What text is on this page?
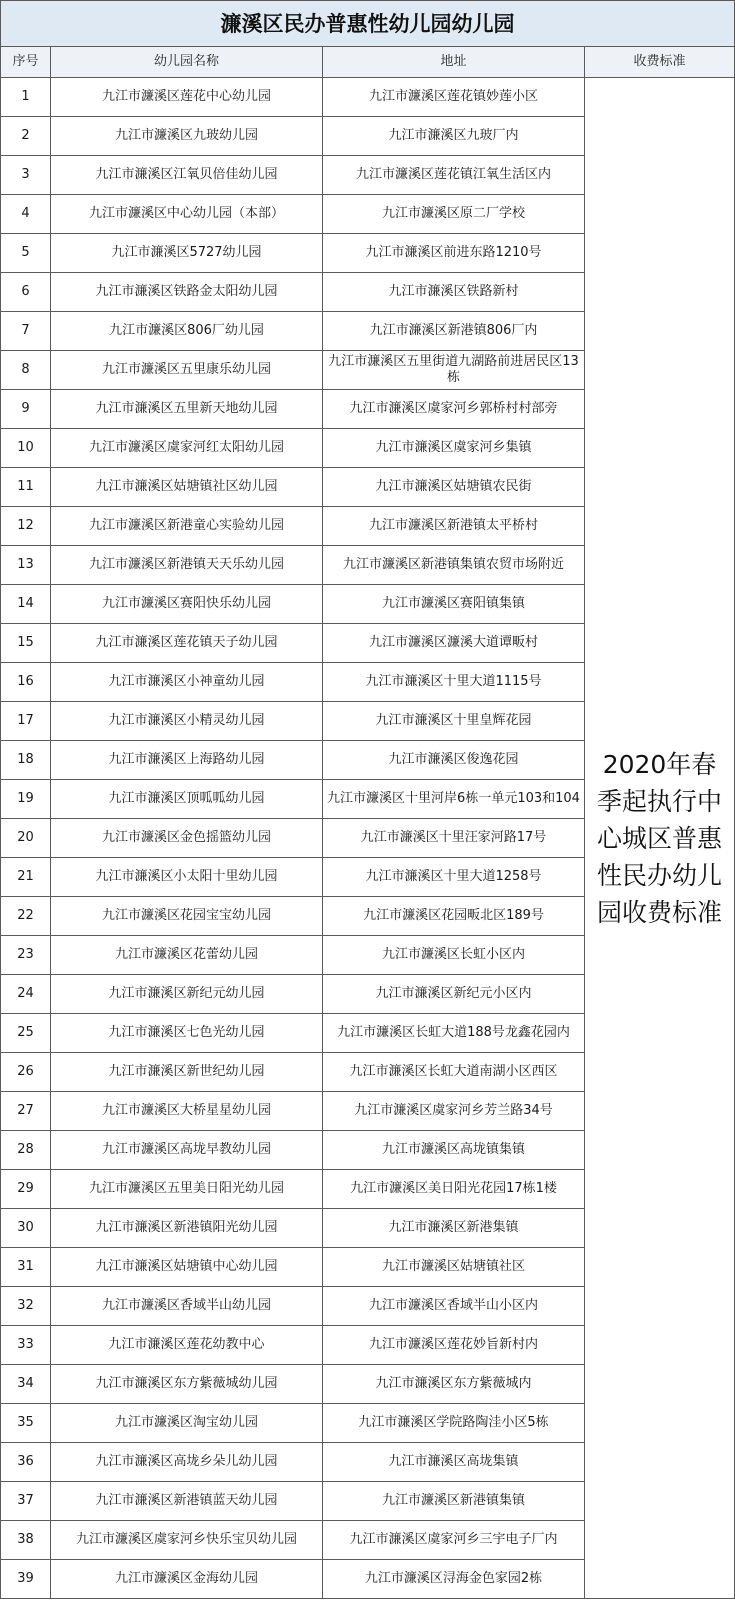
濂溪区民办普惠性幼儿园幼儿园			
序号	幼儿园名称	地址	收费标准
1	九江市濂溪区莲花中心幼儿园	九江市濂溪区莲花镇妙莲小区	2020年春季起执行中心城区普惠性民办幼儿园收费标准
2	九江市濂溪区九玻幼儿园	九江市濂溪区九玻厂内	
3	九江市濂溪区江氧贝倍佳幼儿园	九江市濂溪区莲花镇江氧生活区内	
4	九江市濂溪区中心幼儿园（本部）	九江市濂溪区原二厂学校	
5	九江市濂溪区5727幼儿园	九江市濂溪区前进东路1210号	
6	九江市濂溪区铁路金太阳幼儿园	九江市濂溪区铁路新村	
7	九江市濂溪区806厂幼儿园	九江市濂溪区新港镇806厂内	
8	九江市濂溪区五里康乐幼儿园	九江市濂溪区五里街道九湖路前进居民区13栋	
9	九江市濂溪区五里新天地幼儿园	九江市濂溪区虞家河乡郭桥村村部旁	
10	九江市濂溪区虞家河红太阳幼儿园	九江市濂溪区虞家河乡集镇	
11	九江市濂溪区姑塘镇社区幼儿园	九江市濂溪区姑塘镇农民街	
12	九江市濂溪区新港童心实验幼儿园	九江市濂溪区新港镇太平桥村	
13	九江市濂溪区新港镇天天乐幼儿园	九江市濂溪区新港镇集镇农贸市场附近	
14	九江市濂溪区赛阳快乐幼儿园	九江市濂溪区赛阳镇集镇	
15	九江市濂溪区莲花镇天子幼儿园	九江市濂溪区濂溪大道谭畈村	
16	九江市濂溪区小神童幼儿园	九江市濂溪区十里大道1115号	
17	九江市濂溪区小精灵幼儿园	九江市濂溪区十里皇辉花园	
18	九江市濂溪区上海路幼儿园	九江市濂溪区俊逸花园	
19	九江市濂溪区顶呱呱幼儿园	九江市濂溪区十里河岸6栋一单元103和104	
20	九江市濂溪区金色摇篮幼儿园	九江市濂溪区十里汪家河路17号	
21	九江市濂溪区小太阳十里幼儿园	九江市濂溪区十里大道1258号	
22	九江市濂溪区花园宝宝幼儿园	九江市濂溪区花园畈北区189号	
23	九江市濂溪区花蕾幼儿园	九江市濂溪区长虹小区内	
24	九江市濂溪区新纪元幼儿园	九江市濂溪区新纪元小区内	
25	九江市濂溪区七色光幼儿园	九江市濂溪区长虹大道188号龙鑫花园内	
26	九江市濂溪区新世纪幼儿园	九江市濂溪区长虹大道南湖小区西区	
27	九江市濂溪区大桥星星幼儿园	九江市濂溪区虞家河乡芳兰路34号	
28	九江市濂溪区高垅早教幼儿园	九江市濂溪区高垅镇集镇	
29	九江市濂溪区五里美日阳光幼儿园	九江市濂溪区美日阳光花园17栋1楼	
30	九江市濂溪区新港镇阳光幼儿园	九江市濂溪区新港集镇	
31	九江市濂溪区姑塘镇中心幼儿园	九江市濂溪区姑塘镇社区	
32	九江市濂溪区香域半山幼儿园	九江市濂溪区香域半山小区内	
33	九江市濂溪区莲花幼教中心	九江市濂溪区莲花妙旨新村内	
34	九江市濂溪区东方紫薇城幼儿园	九江市濂溪区东方紫薇城内	
35	九江市濂溪区淘宝幼儿园	九江市濂溪区学院路陶洼小区5栋	
36	九江市濂溪区高垅乡朵儿幼儿园	九江市濂溪区高垅集镇	
37	九江市濂溪区新港镇蓝天幼儿园	九江市濂溪区新港镇集镇	
38	九江市濂溪区虞家河乡快乐宝贝幼儿园	九江市濂溪区虞家河乡三宇电子厂内	
39	九江市濂溪区金海幼儿园	九江市濂溪区浔海金色家园2栋	
